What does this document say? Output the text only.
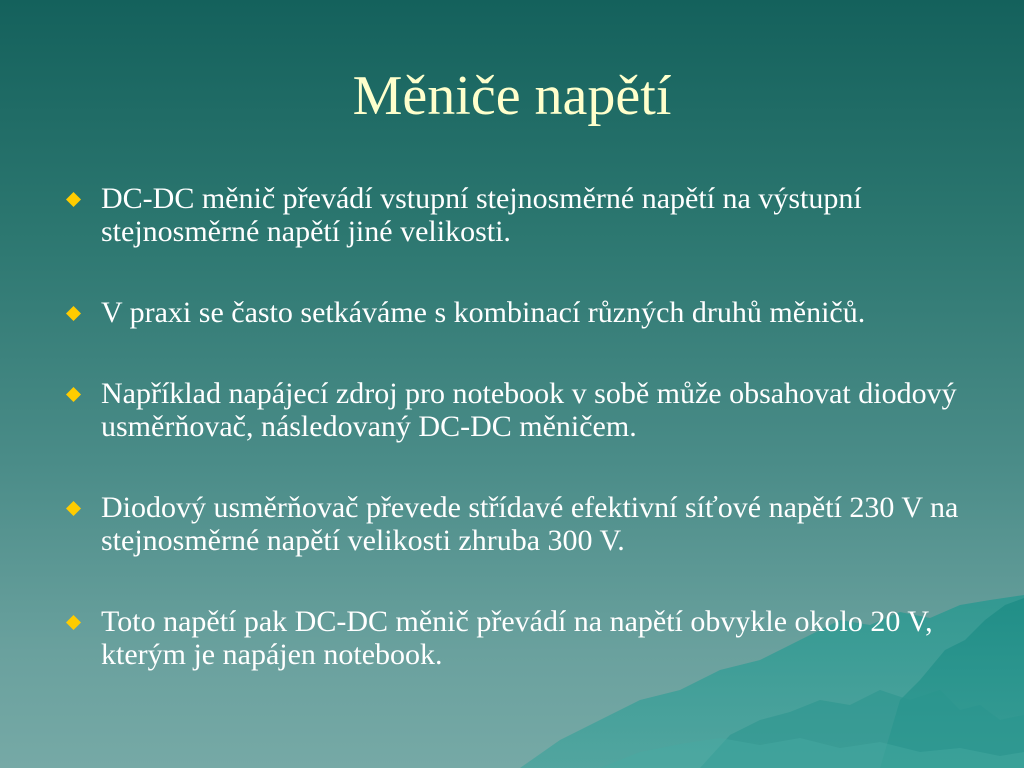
Měniče napětí
DC-DC měnič převádí vstupní stejnosměrné napětí na výstupní stejnosměrné napětí jiné velikosti.
V praxi se často setkáváme s kombinací různých druhů měničů.
Například napájecí zdroj pro notebook v sobě může obsahovat diodový usměrňovač, následovaný DC-DC měničem.
Diodový usměrňovač převede střídavé efektivní síťové napětí 230 V na stejnosměrné napětí velikosti zhruba 300 V.
Toto napětí pak DC-DC měnič převádí na napětí obvykle okolo 20 V, kterým je napájen notebook.
